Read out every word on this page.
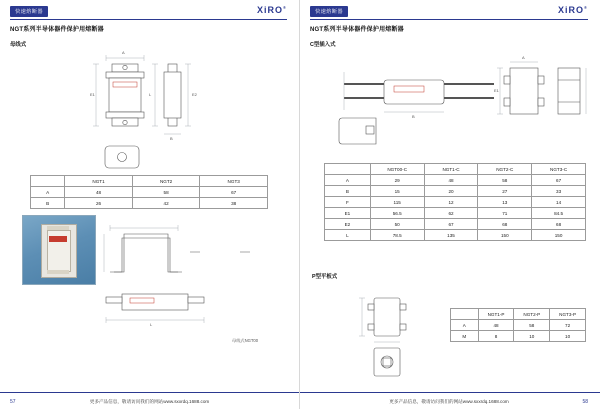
快速熔断器	XiRO®
NGT系列半导体器件保护用熔断器
母线式
E1
A
L
B
E2
	NGT1	NGT2	NGT3
A	48	58	67
B	26	42	38
L
母线式NGT00
57	更多产品信息，敬请访问我们的网站www.sxxrdq.1688.com
快速熔断器	XiRO®
NGT系列半导体器件保护用熔断器
C型插入式
E1
A
B
	NGT00-C	NGT1-C	NGT2-C	NGT3-C
A	29	48	58	67
B	15	20	27	33
F	115	12	13	14
E1	56.5	62	71	84.5
E2	50	67	68	68
L	78.5	135	150	150
P型平板式
	NGT1-P	NGT2-P	NGT3-P
A	48	58	72
M	8	10	10
58
更多产品信息，敬请访问我们的网站www.sxxrdq.1688.com
